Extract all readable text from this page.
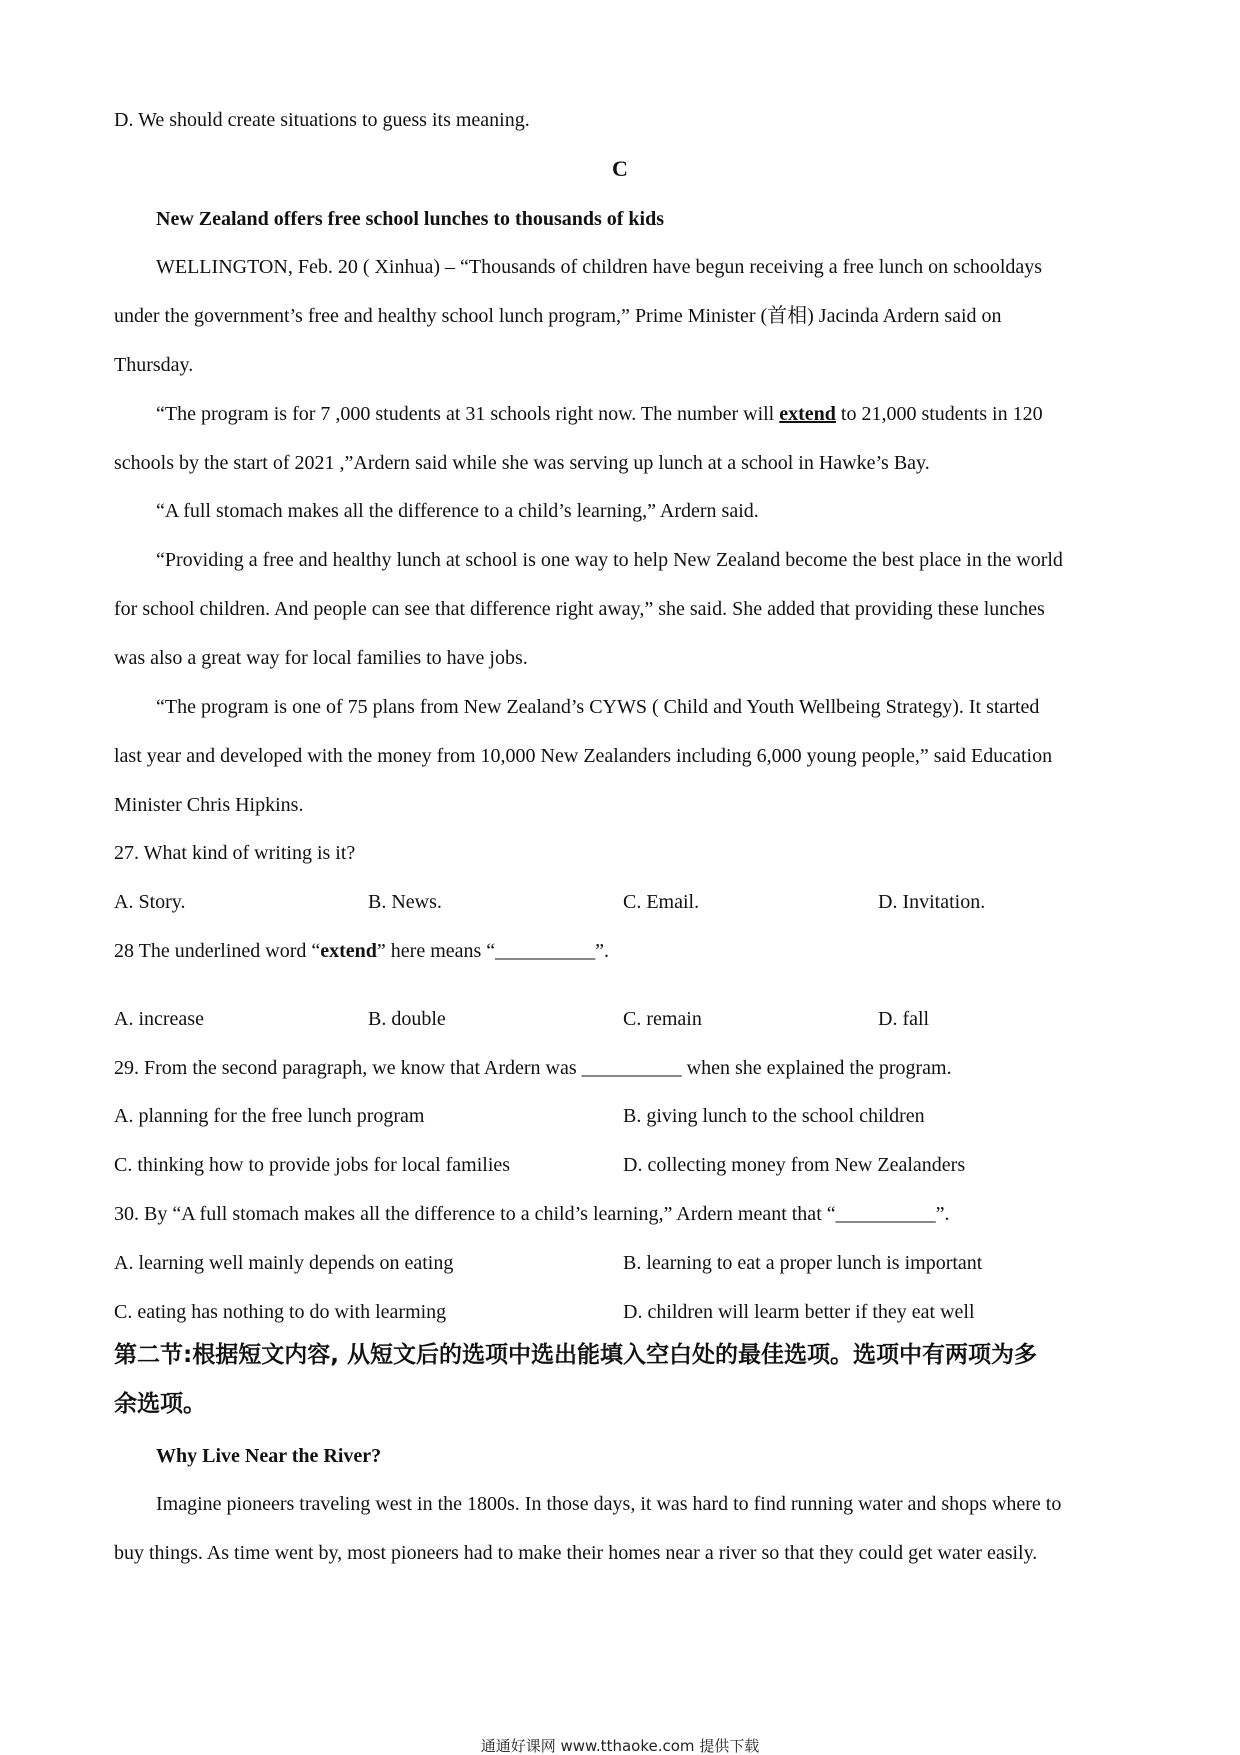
D. We should create situations to guess its meaning.
C
New Zealand offers free school lunches to thousands of kids
WELLINGTON, Feb. 20 ( Xinhua) – “Thousands of children have begun receiving a free lunch on schooldays
under the government’s free and healthy school lunch program,” Prime Minister (首相) Jacinda Ardern said on
Thursday.
“The program is for 7 ,000 students at 31 schools right now. The number will extend to 21,000 students in 120
schools by the start of 2021 ,”Ardern said while she was serving up lunch at a school in Hawke’s Bay.
“A full stomach makes all the difference to a child’s learning,” Ardern said.
“Providing a free and healthy lunch at school is one way to help New Zealand become the best place in the world
for school children. And people can see that difference right away,” she said. She added that providing these lunches
was also a great way for local families to have jobs.
“The program is one of 75 plans from New Zealand’s CYWS ( Child and Youth Wellbeing Strategy). It started
last year and developed with the money from 10,000 New Zealanders including 6,000 young people,” said Education
Minister Chris Hipkins.
27. What kind of writing is it?
A. Story.	B. News.	C. Email.	D. Invitation.
28 The underlined word “extend” here means “__________”.
A. increase	B. double	C. remain	D. fall
29. From the second paragraph, we know that Ardern was __________ when she explained the program.
A. planning for the free lunch program	B. giving lunch to the school children
C. thinking how to provide jobs for local families	D. collecting money from New Zealanders
30. By “A full stomach makes all the difference to a child’s learning,” Ardern meant that “__________”.
A. learning well mainly depends on eating	B. learning to eat a proper lunch is important
C. eating has nothing to do with learming	D. children will learm better if they eat well
第二节:根据短文内容, 从短文后的选项中选出能填入空白处的最佳选项。选项中有两项为多
余选项。
Why Live Near the River?
Imagine pioneers traveling west in the 1800s. In those days, it was hard to find running water and shops where to
buy things. As time went by, most pioneers had to make their homes near a river so that they could get water easily.
通通好课网 www.tthaoke.com 提供下载
